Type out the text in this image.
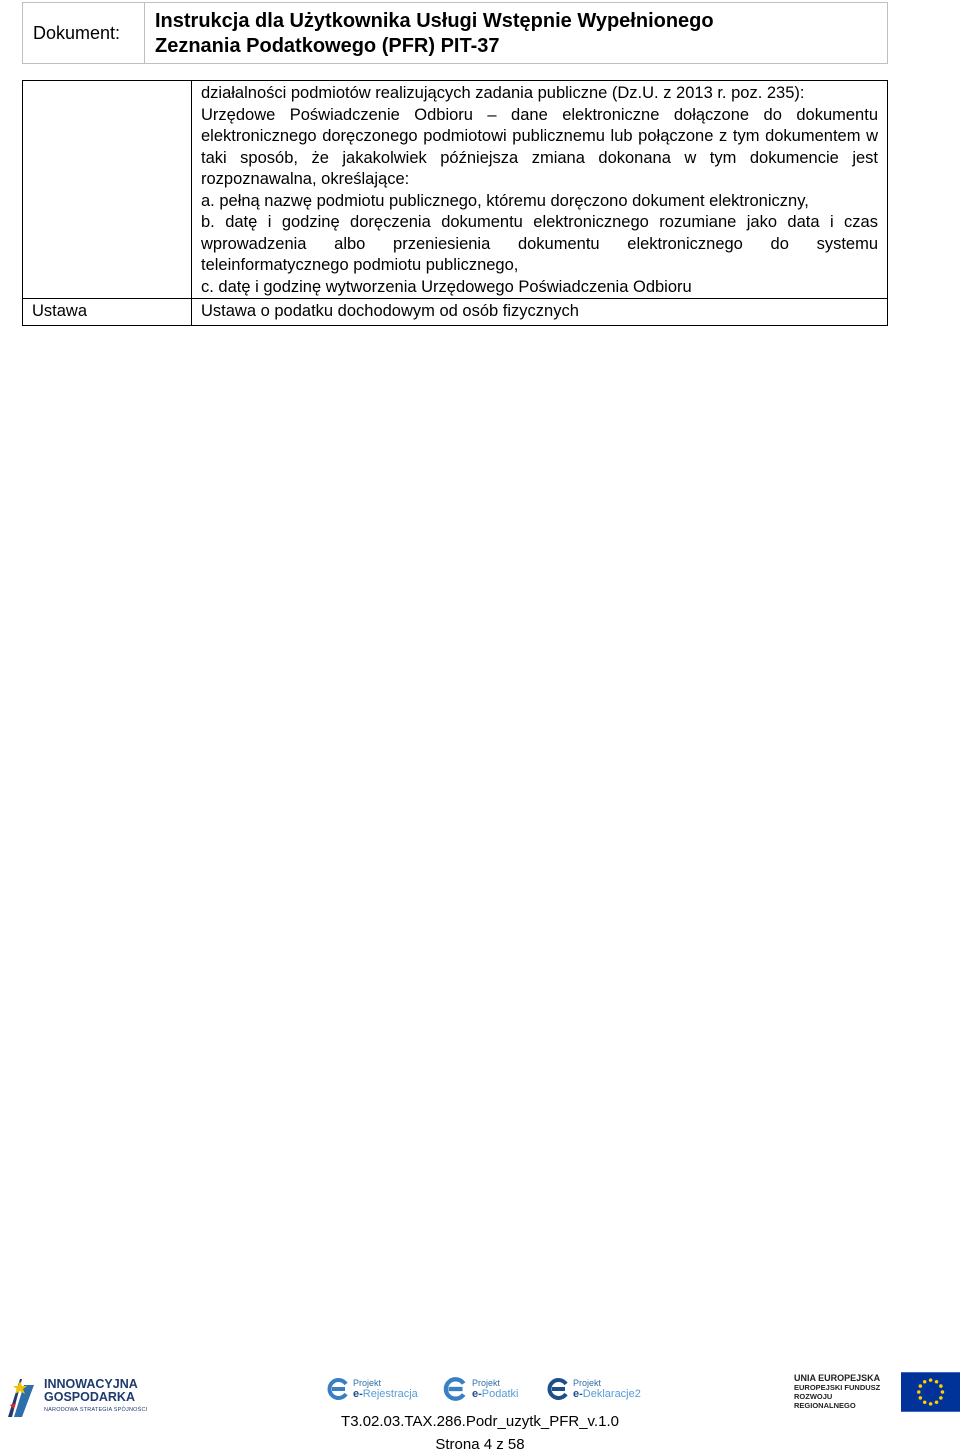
Dokument:
Instrukcja dla Użytkownika Usługi Wstępnie Wypełnionego
Zeznania Podatkowego (PFR) PIT-37

	działalności podmiotów realizujących zadania publiczne (Dz.U. z 2013 r. poz. 235):

Urzędowe Poświadczenie Odbioru – dane elektroniczne dołączone do dokumentu elektronicznego doręczonego podmiotowi publicznemu lub połączone z tym dokumentem w taki sposób, że jakakolwiek późniejsza zmiana dokonana w tym dokumencie jest rozpoznawalna, określające:

a. pełną nazwę podmiotu publicznego, któremu doręczono dokument elektroniczny,

b. datę i godzinę doręczenia dokumentu elektronicznego rozumiane jako data i czas wprowadzenia albo przeniesienia dokumentu elektronicznego do systemu teleinformatycznego podmiotu publicznego,

c. datę i godzinę wytworzenia Urzędowego Poświadczenia Odbioru

Ustawa	Ustawa o podatku dochodowym od osób fizycznych
INNOWACYJNA
GOSPODARKA
NARODOWA STRATEGIA SPÓJNOŚCI
Projekt
e-Rejestracja
Projekt
e-Podatki
Projekt
e-Deklaracje2
UNIA EUROPEJSKA
EUROPEJSKI FUNDUSZ
ROZWOJU REGIONALNEGO
T3.02.03.TAX.286.Podr_uzytk_PFR_v.1.0
Strona 4 z 58
